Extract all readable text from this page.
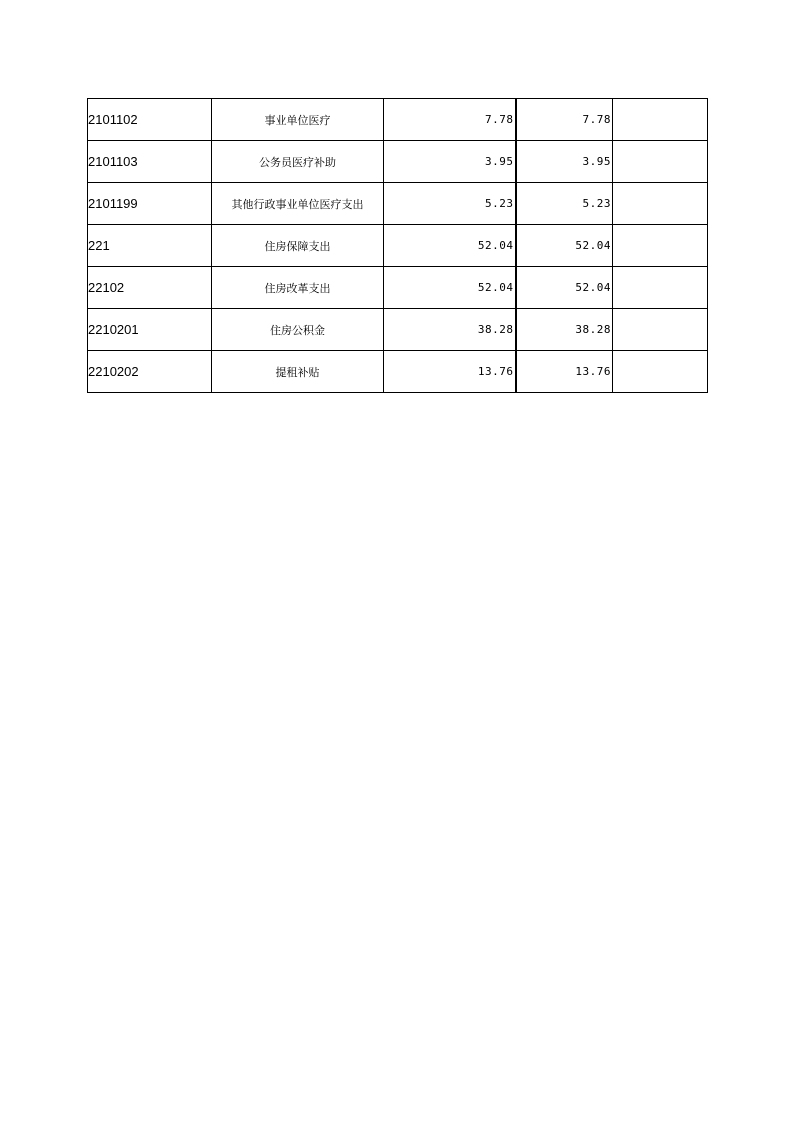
2101102	事业单位医疗	7.78	7.78	
2101103	公务员医疗补助	3.95	3.95	
2101199	其他行政事业单位医疗支出	5.23	5.23	
221	住房保障支出	52.04	52.04	
22102	住房改革支出	52.04	52.04	
2210201	住房公积金	38.28	38.28	
2210202	提租补贴	13.76	13.76	
